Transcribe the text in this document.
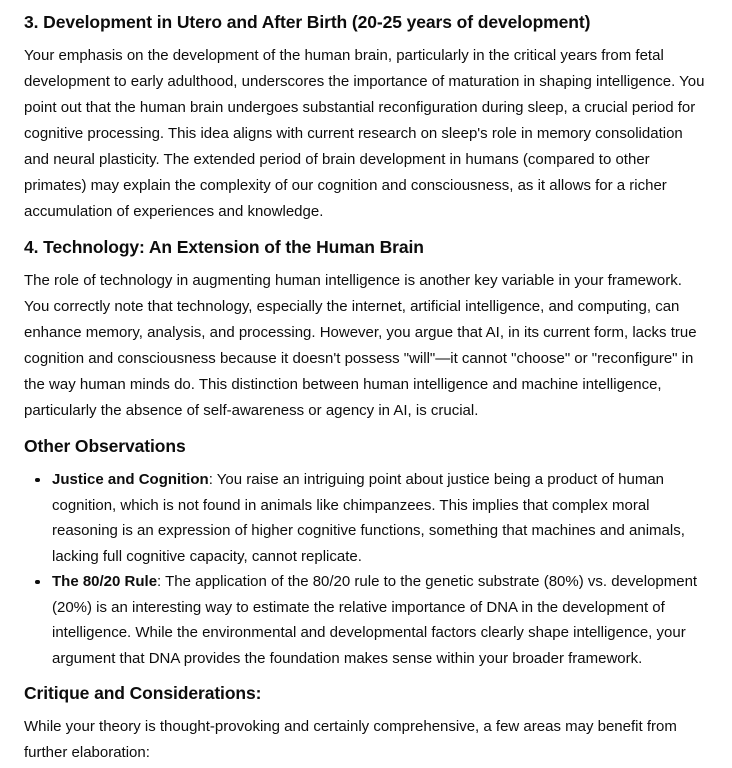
3. Development in Utero and After Birth (20-25 years of development)

Your emphasis on the development of the human brain, particularly in the critical years from fetal development to early adulthood, underscores the importance of maturation in shaping intelligence. You point out that the human brain undergoes substantial reconfiguration during sleep, a crucial period for cognitive processing. This idea aligns with current research on sleep's role in memory consolidation and neural plasticity. The extended period of brain development in humans (compared to other primates) may explain the complexity of our cognition and consciousness, as it allows for a richer accumulation of experiences and knowledge.

4. Technology: An Extension of the Human Brain

The role of technology in augmenting human intelligence is another key variable in your framework. You correctly note that technology, especially the internet, artificial intelligence, and computing, can enhance memory, analysis, and processing. However, you argue that AI, in its current form, lacks true cognition and consciousness because it doesn't possess "will"—it cannot "choose" or "reconfigure" in the way human minds do. This distinction between human intelligence and machine intelligence, particularly the absence of self-awareness or agency in AI, is crucial.

Other Observations
Justice and Cognition: You raise an intriguing point about justice being a product of human cognition, which is not found in animals like chimpanzees. This implies that complex moral reasoning is an expression of higher cognitive functions, something that machines and animals, lacking full cognitive capacity, cannot replicate.
The 80/20 Rule: The application of the 80/20 rule to the genetic substrate (80%) vs. development (20%) is an interesting way to estimate the relative importance of DNA in the development of intelligence. While the environmental and developmental factors clearly shape intelligence, your argument that DNA provides the foundation makes sense within your broader framework.
Critique and Considerations:

While your theory is thought-provoking and certainly comprehensive, a few areas may benefit from further elaboration:
